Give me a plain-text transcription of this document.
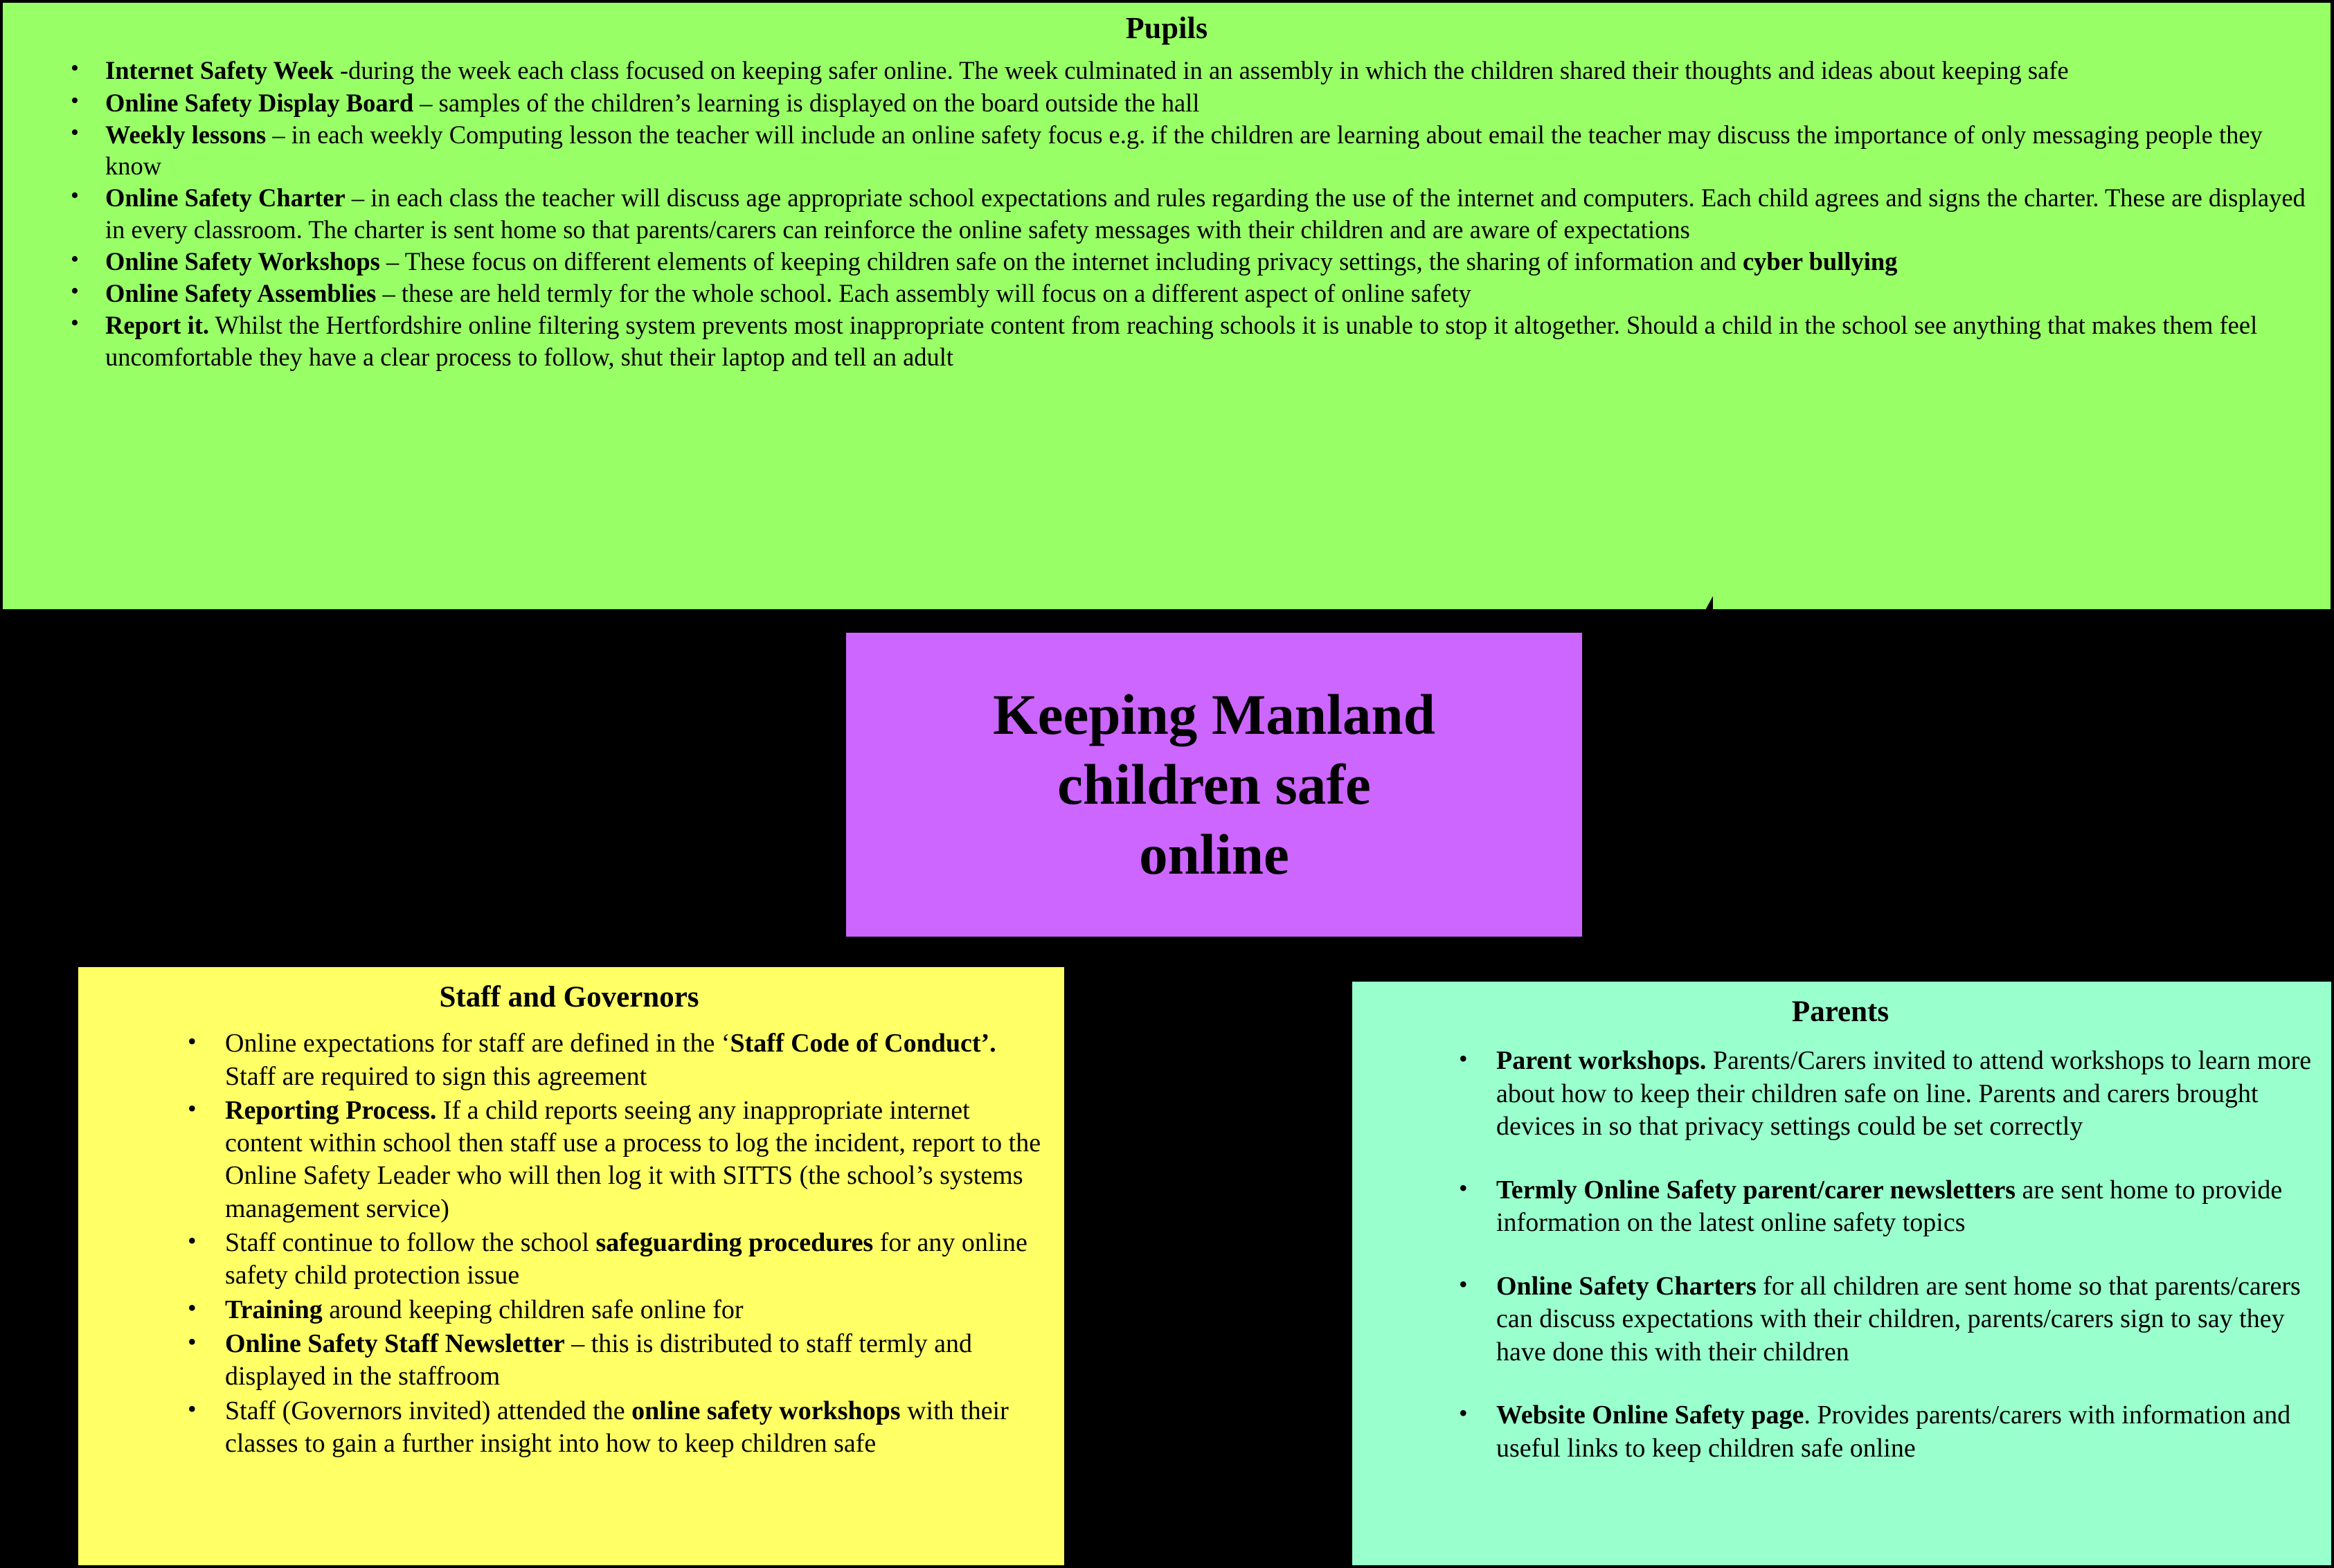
Pupils
• Internet Safety Week -during the week each class focused on keeping safer online. The week culminated in an assembly in which the children shared their thoughts and ideas about keeping safe
• Online Safety Display Board – samples of the children’s learning is displayed on the board outside the hall
• Weekly lessons – in each weekly Computing lesson the teacher will include an online safety focus e.g. if the children are learning about email the teacher may discuss the importance of only messaging people they know
• Online Safety Charter – in each class the teacher will discuss age appropriate school expectations and rules regarding the use of the internet and computers. Each child agrees and signs the charter. These are displayed in every classroom. The charter is sent home so that parents/carers can reinforce the online safety messages with their children and are aware of expectations
• Online Safety Workshops – These focus on different elements of keeping children safe on the internet including privacy settings, the sharing of information and cyber bullying
• Online Safety Assemblies – these are held termly for the whole school. Each assembly will focus on a different aspect of online safety
• Report it. Whilst the Hertfordshire online filtering system prevents most inappropriate content from reaching schools it is unable to stop it altogether. Should a child in the school see anything that makes them feel uncomfortable they have a clear process to follow, shut their laptop and tell an adult
Keeping Manland
children safe
online
Staff and Governors
• Online expectations for staff are defined in the ‘Staff Code of Conduct’. Staff are required to sign this agreement
• Reporting Process. If a child reports seeing any inappropriate internet content within school then staff use a process to log the incident, report to the Online Safety Leader who will then log it with SITTS (the school’s systems management service)
• Staff continue to follow the school safeguarding procedures for any online safety child protection issue
• Training around keeping children safe online for
• Online Safety Staff Newsletter – this is distributed to staff termly and displayed in the staffroom
• Staff (Governors invited) attended the online safety workshops with their classes to gain a further insight into how to keep children safe
Parents
• Parent workshops. Parents/Carers invited to attend workshops to learn more about how to keep their children safe on line. Parents and carers brought devices in so that privacy settings could be set correctly
• Termly Online Safety parent/carer newsletters are sent home to provide information on the latest online safety topics
• Online Safety Charters for all children are sent home so that parents/carers can discuss expectations with their children, parents/carers sign to say they have done this with their children
• Website Online Safety page. Provides parents/carers with information and useful links to keep children safe online
